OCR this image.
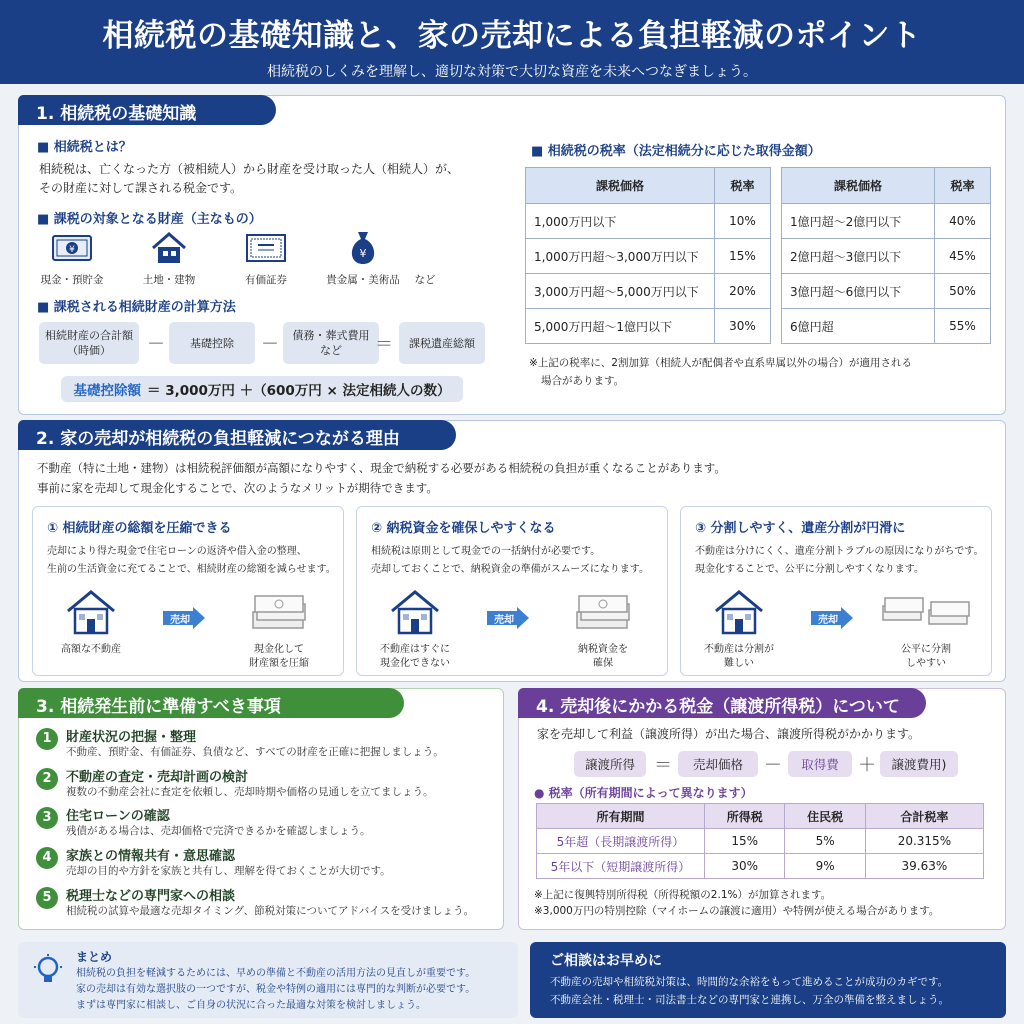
相続税の基礎知識と、家の売却による負担軽減のポイント

相続税のしくみを理解し、適切な対策で大切な資産を未来へつなぎましょう。

1. 相続税の基礎知識
■ 相続税とは？
相続税は、亡くなった方（被相続人）から財産を受け取った人（相続人）が、
その財産に対して課される税金です。
■ 課税の対象となる財産（主なもの）
¥
現金・預貯金	土地・建物	有価証券
¥
貴金属・美術品	など
■ 課税される相続財産の計算方法
相続財産の合計額
（時価）	－	基礎控除	－ 債務・葬式費用
など	＝	課税遺産総額
基礎控除額 ＝ 3,000万円 ＋（600万円 × 法定相続人の数）
■ 相続税の税率（法定相続分に応じた取得金額）
課税価格	税率
1,000万円以下	10%
1,000万円超～3,000万円以下	15%
3,000万円超～5,000万円以下	20%
5,000万円超～1億円以下	30%
課税価格	税率
1億円超～2億円以下	40%
2億円超～3億円以下	45%
3億円超～6億円以下	50%
6億円超	55%
※上記の税率に、2割加算（相続人が配偶者や直系卑属以外の場合）が適用される
場合があります。
2. 家の売却が相続税の負担軽減につながる理由
不動産（特に土地・建物）は相続税評価額が高額になりやすく、現金で納税する必要がある相続税の負担が重くなることがあります。
事前に家を売却して現金化することで、次のようなメリットが期待できます。
① 相続財産の総額を圧縮できる
売却により得た現金で住宅ローンの返済や借入金の整理、
生前の生活資金に充てることで、相続財産の総額を減らせます。
高額な不動産
売却
現金化して
財産額を圧縮
② 納税資金を確保しやすくなる
相続税は原則として現金での一括納付が必要です。
売却しておくことで、納税資金の準備がスムーズになります。
不動産はすぐに
現金化できない
売却
納税資金を
確保
③ 分割しやすく、遺産分割が円滑に
不動産は分けにくく、遺産分割トラブルの原因になりがちです。
現金化することで、公平に分割しやすくなります。
不動産は分割が
難しい
売却
公平に分割
しやすい
3. 相続発生前に準備すべき事項
1	財産状況の把握・整理
不動産、預貯金、有価証券、負債など、すべての財産を正確に把握しましょう。
2	不動産の査定・売却計画の検討
複数の不動産会社に査定を依頼し、売却時期や価格の見通しを立てましょう。
3	住宅ローンの確認
残債がある場合は、売却価格で完済できるかを確認しましょう。
4	家族との情報共有・意思確認
売却の目的や方針を家族と共有し、理解を得ておくことが大切です。
5	税理士などの専門家への相談
相続税の試算や最適な売却タイミング、節税対策についてアドバイスを受けましょう。
4. 売却後にかかる税金（譲渡所得税）について
家を売却して利益（譲渡所得）が出た場合、譲渡所得税がかかります。
譲渡所得	＝	売却価格	－	取得費	＋	譲渡費用)
● 税率（所有期間によって異なります）
所有期間	所得税	住民税	合計税率
5年超（長期譲渡所得）	15%	5%	20.315%
5年以下（短期譲渡所得）	30%	9%	39.63%
※上記に復興特別所得税（所得税額の2.1%）が加算されます。
※3,000万円の特別控除（マイホームの譲渡に適用）や特例が使える場合があります。
まとめ
相続税の負担を軽減するためには、早めの準備と不動産の活用方法の見直しが重要です。
家の売却は有効な選択肢の一つですが、税金や特例の適用には専門的な判断が必要です。
まずは専門家に相談し、ご自身の状況に合った最適な対策を検討しましょう。
ご相談はお早めに
不動産の売却や相続税対策は、時間的な余裕をもって進めることが成功のカギです。
不動産会社・税理士・司法書士などの専門家と連携し、万全の準備を整えましょう。
